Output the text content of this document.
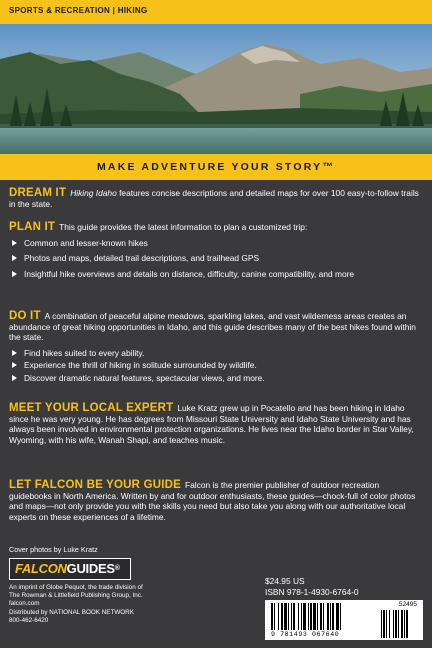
SPORTS & RECREATION | HIKING
MAKE ADVENTURE YOUR STORY™

DREAM IT Hiking Idaho features concise descriptions and detailed maps for over 100 easy-to-follow trails in the state.

PLAN IT This guide provides the latest information to plan a customized trip:

Common and lesser-known hikes
Photos and maps, detailed trail descriptions, and trailhead GPS
Insightful hike overviews and details on distance, difficulty, canine compatibility, and more

DO IT A combination of peaceful alpine meadows, sparkling lakes, and vast wilderness areas creates an abundance of great hiking opportunities in Idaho, and this guide describes many of the best hikes found within the state.

Find hikes suited to every ability.
Experience the thrill of hiking in solitude surrounded by wildlife.
Discover dramatic natural features, spectacular views, and more.

MEET YOUR LOCAL EXPERT Luke Kratz grew up in Pocatello and has been hiking in Idaho since he was very young. He has degrees from Missouri State University and Idaho State University and has always been involved in environmental protection organizations. He lives near the Idaho border in Star Valley, Wyoming, with his wife, Wanah Shapi, and teaches music.

LET FALCON BE YOUR GUIDE Falcon is the premier publisher of outdoor recreation guidebooks in North America. Written by and for outdoor enthusiasts, these guides—chock-full of color photos and maps—not only provide you with the skills you need but also take you along with our authoritative local experts on these experiences of a lifetime.

Cover photos by Luke Kratz
FALCONGUIDES®
An imprint of Globe Pequot, the trade division of
The Rowman & Littlefield Publishing Group, Inc.
falcon.com
Distributed by NATIONAL BOOK NETWORK
800-462-6420
$24.95 US
ISBN 978-1-4930-6764-0
52495
9 781493 067640
